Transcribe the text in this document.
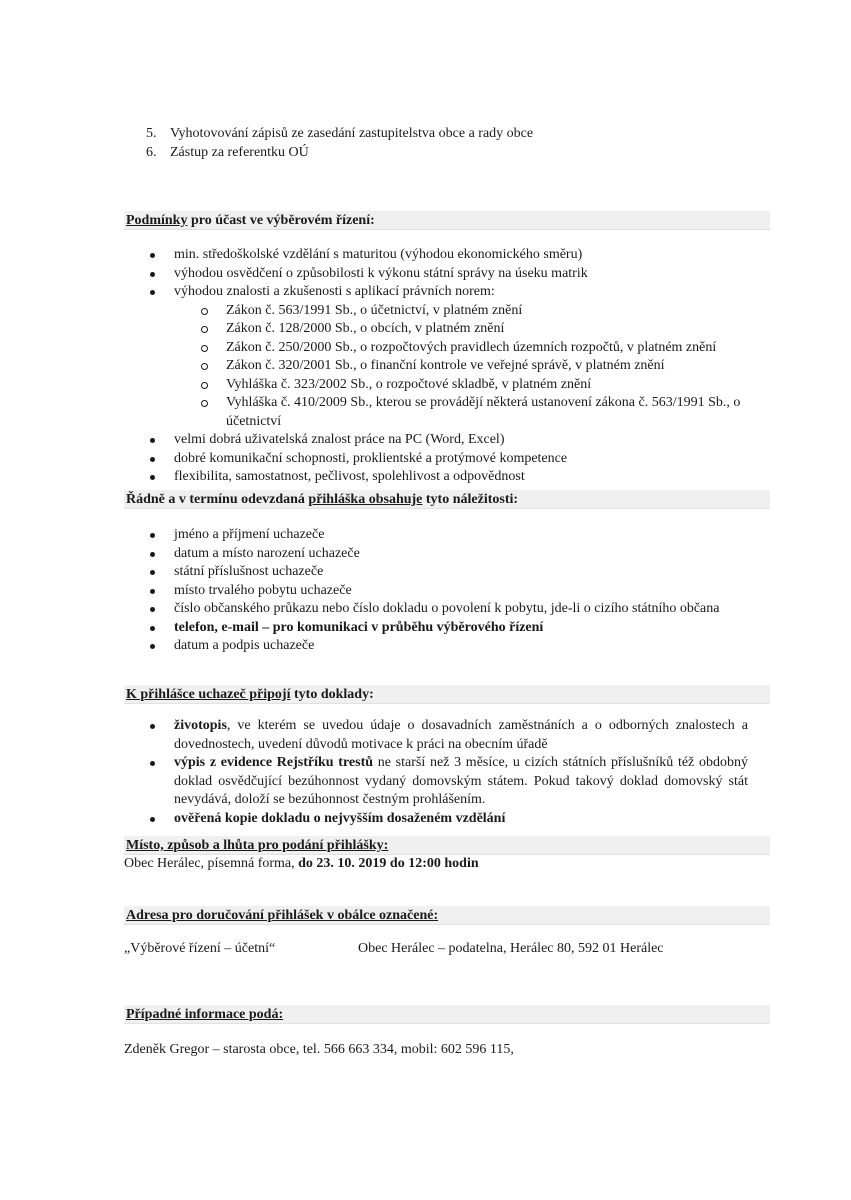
5. Vyhotovování zápisů ze zasedání zastupitelstva obce a rady obce
6. Zástup za referentku OÚ
Podmínky pro účast ve výběrovém řízení:
min. středoškolské vzdělání s maturitou (výhodou ekonomického směru)
výhodou osvědčení o způsobilosti k výkonu státní správy na úseku matrik
výhodou znalosti a zkušenosti s aplikací právních norem:
Zákon č. 563/1991 Sb., o účetnictví, v platném znění
Zákon č. 128/2000 Sb., o obcích, v platném znění
Zákon č. 250/2000 Sb., o rozpočtových pravidlech územních rozpočtů, v platném znění
Zákon č. 320/2001 Sb., o finanční kontrole ve veřejné správě, v platném znění
Vyhláška č. 323/2002 Sb., o rozpočtové skladbě, v platném znění
Vyhláška č. 410/2009 Sb., kterou se provádějí některá ustanovení zákona č. 563/1991 Sb., o účetnictví
velmi dobrá uživatelská znalost práce na PC (Word, Excel)
dobré komunikační schopnosti, proklientské a protýmové kompetence
flexibilita, samostatnost, pečlivost, spolehlivost a odpovědnost
Řádně a v termínu odevzdaná přihláška obsahuje tyto náležitosti:
jméno a příjmení uchazeče
datum a místo narození uchazeče
státní příslušnost uchazeče
místo trvalého pobytu uchazeče
číslo občanského průkazu nebo číslo dokladu o povolení k pobytu, jde-li o cizího státního občana
telefon, e-mail – pro komunikaci v průběhu výběrového řízení
datum a podpis uchazeče
K přihlášce uchazeč připojí tyto doklady:
životopis, ve kterém se uvedou údaje o dosavadních zaměstnáních a o odborných znalostech a dovednostech, uvedení důvodů motivace k práci na obecním úřadě
výpis z evidence Rejstříku trestů ne starší než 3 měsíce, u cizích státních příslušníků též obdobný doklad osvědčující bezúhonnost vydaný domovským státem. Pokud takový doklad domovský stát nevydává, doloží se bezúhonnost čestným prohlášením.
ověřená kopie dokladu o nejvyšším dosaženém vzdělání
Místo, způsob a lhůta pro podání přihlášky:
Obec Herálec, písemná forma, do 23. 10. 2019 do 12:00 hodin
Adresa pro doručování přihlášek v obálce označené:
„Výběrové řízení – účetní“	Obec Herálec – podatelna, Herálec 80, 592 01 Herálec
Případné informace podá:
Zdeněk Gregor – starosta obce, tel. 566 663 334, mobil: 602 596 115,
